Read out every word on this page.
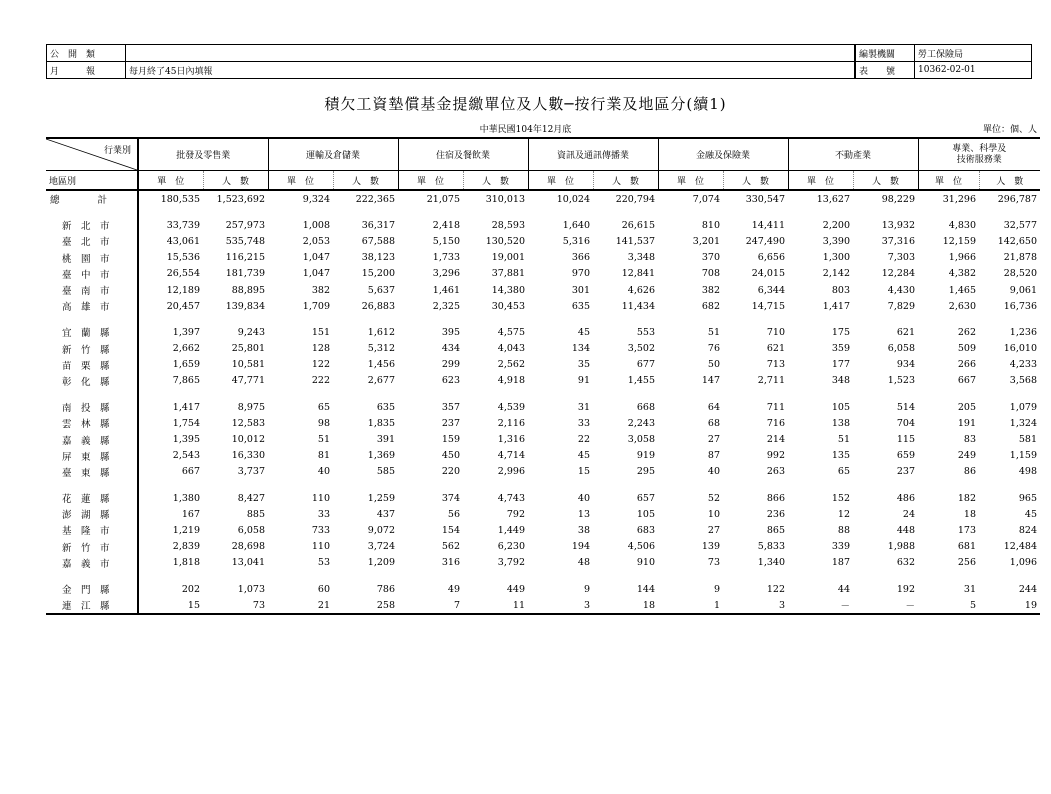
公　開　類	
月　　　報	每月終了45日內填報
編製機關	勞工保險局
表　　號	10362-02-01
積欠工資墊償基金提繳單位及人數─按行業及地區分(續1)
中華民國104年12月底	單位：個、人
行業別	批發及零售業		運輸及倉儲業		住宿及餐飲業		資訊及通訊傳播業		金融及保險業		不動產業		專業、科學及
技術服務業	
地區別	單　位	人　數	單　位	人　數	單　位	人　數	單　位	人　數	單　位	人　數	單　位	人　數	單　位	人　數
總　　　　計	180,535	1,523,692	9,324	222,365	21,075	310,013	10,024	220,794	7,074	330,547	13,627	98,229	31,296	296,787

新　北　市	33,739	257,973	1,008	36,317	2,418	28,593	1,640	26,615	810	14,411	2,200	13,932	4,830	32,577
臺　北　市	43,061	535,748	2,053	67,588	5,150	130,520	5,316	141,537	3,201	247,490	3,390	37,316	12,159	142,650
桃　園　市	15,536	116,215	1,047	38,123	1,733	19,001	366	3,348	370	6,656	1,300	7,303	1,966	21,878
臺　中　市	26,554	181,739	1,047	15,200	3,296	37,881	970	12,841	708	24,015	2,142	12,284	4,382	28,520
臺　南　市	12,189	88,895	382	5,637	1,461	14,380	301	4,626	382	6,344	803	4,430	1,465	9,061
高　雄　市	20,457	139,834	1,709	26,883	2,325	30,453	635	11,434	682	14,715	1,417	7,829	2,630	16,736

宜　蘭　縣	1,397	9,243	151	1,612	395	4,575	45	553	51	710	175	621	262	1,236
新　竹　縣	2,662	25,801	128	5,312	434	4,043	134	3,502	76	621	359	6,058	509	16,010
苗　栗　縣	1,659	10,581	122	1,456	299	2,562	35	677	50	713	177	934	266	4,233
彰　化　縣	7,865	47,771	222	2,677	623	4,918	91	1,455	147	2,711	348	1,523	667	3,568

南　投　縣	1,417	8,975	65	635	357	4,539	31	668	64	711	105	514	205	1,079
雲　林　縣	1,754	12,583	98	1,835	237	2,116	33	2,243	68	716	138	704	191	1,324
嘉　義　縣	1,395	10,012	51	391	159	1,316	22	3,058	27	214	51	115	83	581
屏　東　縣	2,543	16,330	81	1,369	450	4,714	45	919	87	992	135	659	249	1,159
臺　東　縣	667	3,737	40	585	220	2,996	15	295	40	263	65	237	86	498

花　蓮　縣	1,380	8,427	110	1,259	374	4,743	40	657	52	866	152	486	182	965
澎　湖　縣	167	885	33	437	56	792	13	105	10	236	12	24	18	45
基　隆　市	1,219	6,058	733	9,072	154	1,449	38	683	27	865	88	448	173	824
新　竹　市	2,839	28,698	110	3,724	562	6,230	194	4,506	139	5,833	339	1,988	681	12,484
嘉　義　市	1,818	13,041	53	1,209	316	3,792	48	910	73	1,340	187	632	256	1,096

金　門　縣	202	1,073	60	786	49	449	9	144	9	122	44	192	31	244
連　江　縣	15	73	21	258	7	11	3	18	1	3	－	－	5	19
